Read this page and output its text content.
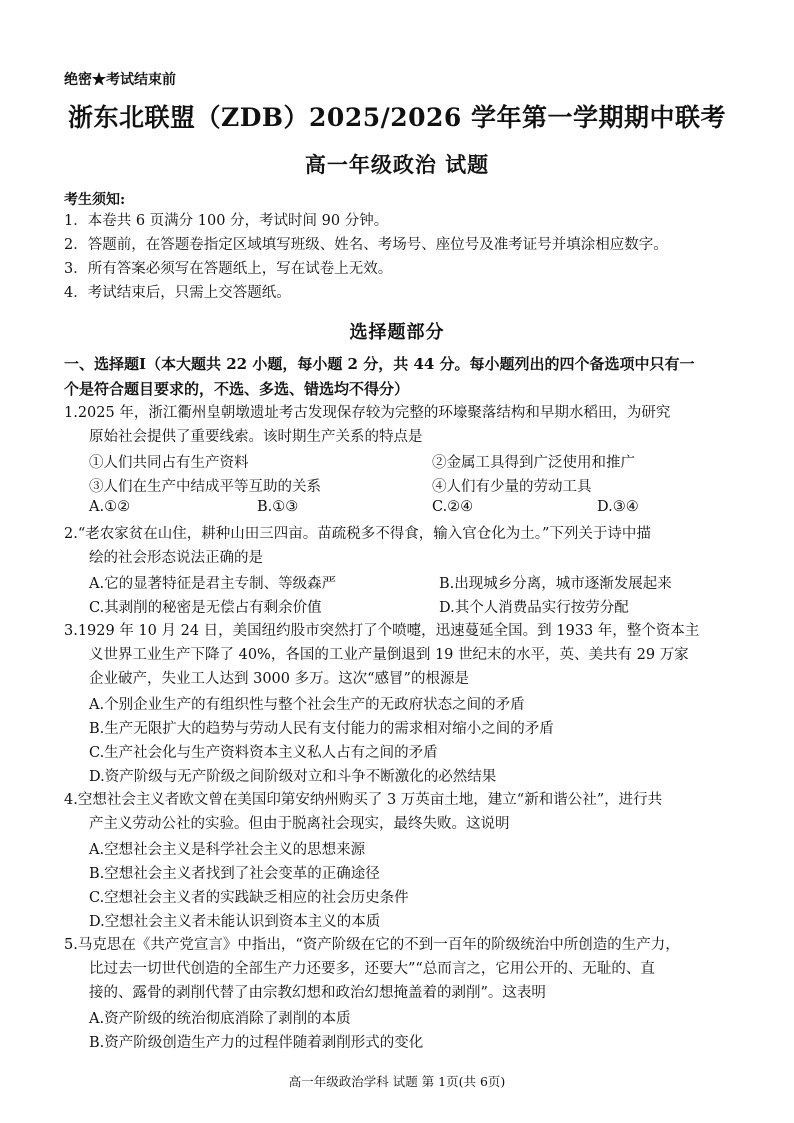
绝密★考试结束前
浙东北联盟（ZDB）2025/2026 学年第一学期期中联考
高一年级政治 试题
考生须知:
1．本卷共 6 页满分 100 分，考试时间 90 分钟。
2．答题前，在答题卷指定区域填写班级、姓名、考场号、座位号及准考证号并填涂相应数字。
3．所有答案必须写在答题纸上，写在试卷上无效。
4．考试结束后，只需上交答题纸。
选择题部分
一、选择题Ⅰ（本大题共 22 小题，每小题 2 分，共 44 分。每小题列出的四个备选项中只有一
个是符合题目要求的，不选、多选、错选均不得分）
1.2025 年，浙江衢州皇朝墩遗址考古发现保存较为完整的环壕聚落结构和早期水稻田，为研究
原始社会提供了重要线索。该时期生产关系的特点是
①人们共同占有生产资料	②金属工具得到广泛使用和推广
③人们在生产中结成平等互助的关系	④人们有少量的劳动工具
A.①②	B.①③	C.②④	D.③④
2.“老农家贫在山住，耕种山田三四亩。苗疏税多不得食，输入官仓化为土。”下列关于诗中描
绘的社会形态说法正确的是
A.它的显著特征是君主专制、等级森严	B.出现城乡分离，城市逐渐发展起来
C.其剥削的秘密是无偿占有剩余价值	D.其个人消费品实行按劳分配
3.1929 年 10 月 24 日，美国纽约股市突然打了个喷嚏，迅速蔓延全国。到 1933 年，整个资本主
义世界工业生产下降了 40%，各国的工业产量倒退到 19 世纪末的水平，英、美共有 29 万家
企业破产，失业工人达到 3000 多万。这次“感冒”的根源是
A.个别企业生产的有组织性与整个社会生产的无政府状态之间的矛盾
B.生产无限扩大的趋势与劳动人民有支付能力的需求相对缩小之间的矛盾
C.生产社会化与生产资料资本主义私人占有之间的矛盾
D.资产阶级与无产阶级之间阶级对立和斗争不断激化的必然结果
4.空想社会主义者欧文曾在美国印第安纳州购买了 3 万英亩土地，建立“新和谐公社”，进行共
产主义劳动公社的实验。但由于脱离社会现实，最终失败。这说明
A.空想社会主义是科学社会主义的思想来源
B.空想社会主义者找到了社会变革的正确途径
C.空想社会主义者的实践缺乏相应的社会历史条件
D.空想社会主义者未能认识到资本主义的本质
5.马克思在《共产党宣言》中指出，“资产阶级在它的不到一百年的阶级统治中所创造的生产力，
比过去一切世代创造的全部生产力还要多，还要大”“总而言之，它用公开的、无耻的、直
接的、露骨的剥削代替了由宗教幻想和政治幻想掩盖着的剥削”。这表明
A.资产阶级的统治彻底消除了剥削的本质
B.资产阶级创造生产力的过程伴随着剥削形式的变化
高一年级政治学科 试题 第 1页(共 6页)
